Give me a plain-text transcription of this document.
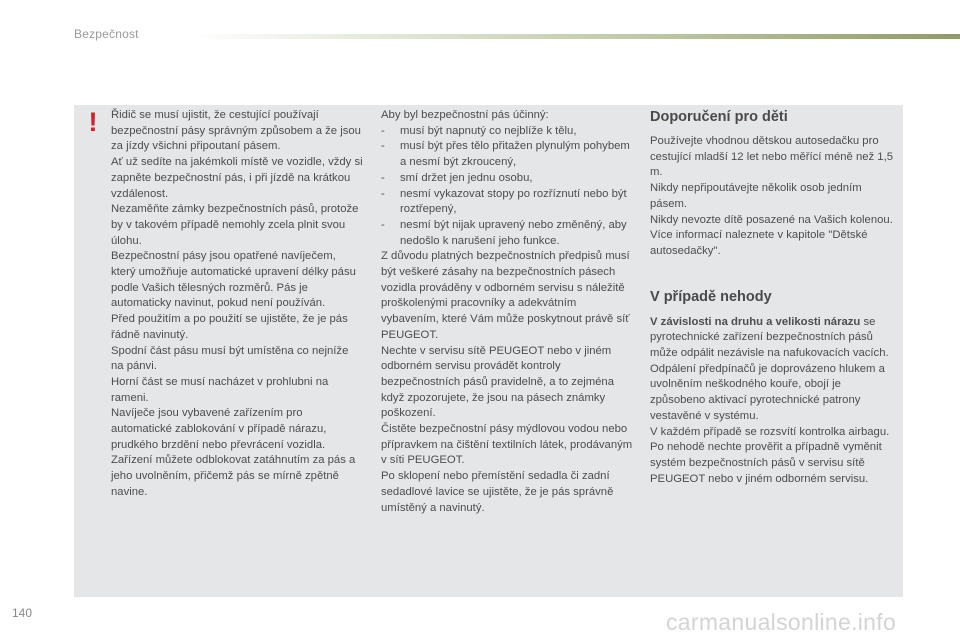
Bezpečnost
!	Řidič se musí ujistit, že cestující používají bezpečnostní pásy správným způsobem a že jsou za jízdy všichni připoutaní pásem.

Ať už sedíte na jakémkoli místě ve vozidle, vždy si zapněte bezpečnostní pás, i při jízdě na krátkou vzdálenost.

Nezaměňte zámky bezpečnostních pásů, protože by v takovém případě nemohly zcela plnit svou úlohu.

Bezpečnostní pásy jsou opatřené navíječem, který umožňuje automatické upravení délky pásu podle Vašich tělesných rozměrů. Pás je automaticky navinut, pokud není používán.

Před použitím a po použití se ujistěte, že je pás řádně navinutý.

Spodní část pásu musí být umístěna co nejníže na pánvi.

Horní část se musí nacházet v prohlubni na rameni.

Navíječe jsou vybavené zařízením pro automatické zablokování v případě nárazu, prudkého brzdění nebo převrácení vozidla.

Zařízení můžete odblokovat zatáhnutím za pás a jeho uvolněním, přičemž pás se mírně zpětně navine.

Aby byl bezpečnostní pás účinný:

- musí být napnutý co nejblíže k tělu,
- musí být přes tělo přitažen plynulým pohybem a nesmí být zkroucený,
- smí držet jen jednu osobu,
- nesmí vykazovat stopy po rozříznutí nebo být roztřepený,
- nesmí být nijak upravený nebo změněný, aby nedošlo k narušení jeho funkce.

Z důvodu platných bezpečnostních předpisů musí být veškeré zásahy na bezpečnostních pásech vozidla prováděny v odborném servisu s náležitě proškolenými pracovníky a adekvátním vybavením, které Vám může poskytnout právě síť PEUGEOT.

Nechte v servisu sítě PEUGEOT nebo v jiném odborném servisu provádět kontroly bezpečnostních pásů pravidelně, a to zejména když zpozorujete, že jsou na pásech známky poškození.

Čistěte bezpečnostní pásy mýdlovou vodou nebo přípravkem na čištění textilních látek, prodávaným v síti PEUGEOT.

Po sklopení nebo přemístění sedadla či zadní sedadlové lavice se ujistěte, že je pás správně umístěný a navinutý.

Doporučení pro děti

Používejte vhodnou dětskou autosedačku pro cestující mladší 12 let nebo měřící méně než 1,5 m.

Nikdy nepřipoutávejte několik osob jedním pásem.

Nikdy nevozte dítě posazené na Vašich kolenou.

Více informací naleznete v kapitole "Dětské autosedačky".

V případě nehody

V závislosti na druhu a velikosti nárazu se pyrotechnické zařízení bezpečnostních pásů může odpálit nezávisle na nafukovacích vacích. Odpálení předpínačů je doprovázeno hlukem a uvolněním neškodného kouře, obojí je způsobeno aktivací pyrotechnické patrony vestavěné v systému.

V každém případě se rozsvítí kontrolka airbagu.

Po nehodě nechte prověřit a případně vyměnit systém bezpečnostních pásů v servisu sítě PEUGEOT nebo v jiném odborném servisu.

140	carmanualsonline.info
